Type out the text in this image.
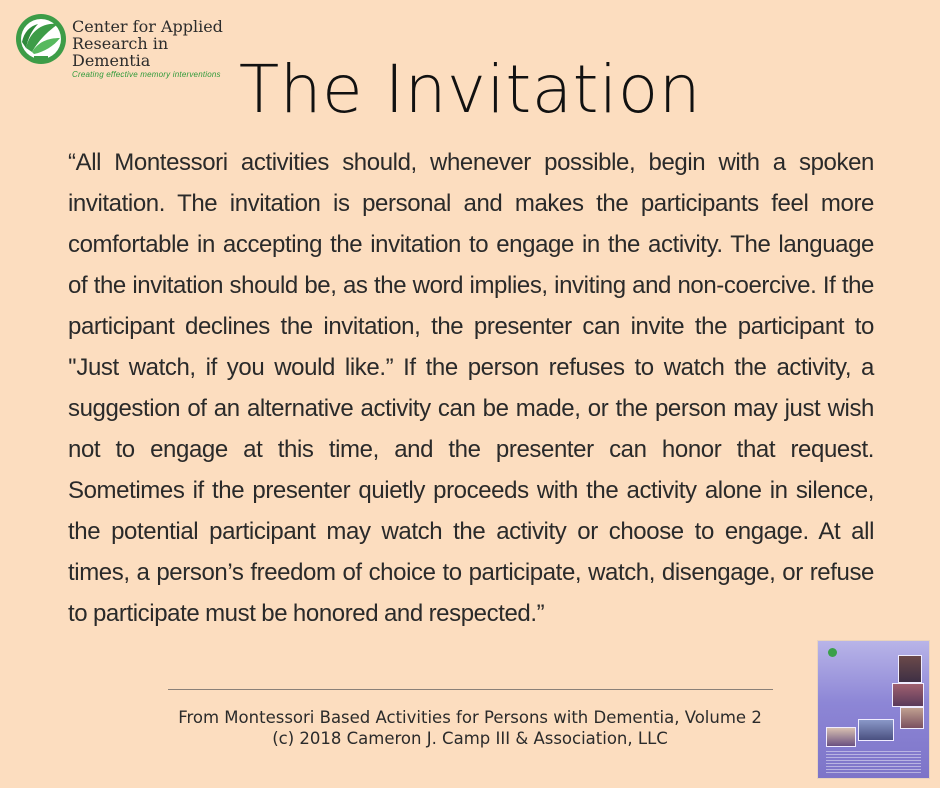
Center for Applied
Research in Dementia
Creating effective memory interventions The Invitation

“All Montessori activities should, whenever possible, begin with a spoken invitation. The invitation is personal and makes the participants feel more comfortable in accepting the invitation to engage in the activity. The language of the invitation should be, as the word implies, inviting and non-coercive. If the participant declines the invitation, the presenter can invite the participant to ''Just watch, if you would like.” If the person refuses to watch the activity, a suggestion of an alternative activity can be made, or the person may just wish not to engage at this time, and the presenter can honor that request. Sometimes if the presenter quietly proceeds with the activity alone in silence, the potential participant may watch the activity or choose to engage. At all times, a person’s freedom of choice to participate, watch, disengage, or refuse to participate must be honored and respected.”

From Montessori Based Activities for Persons with Dementia, Volume 2
(c) 2018 Cameron J. Camp III & Association, LLC
